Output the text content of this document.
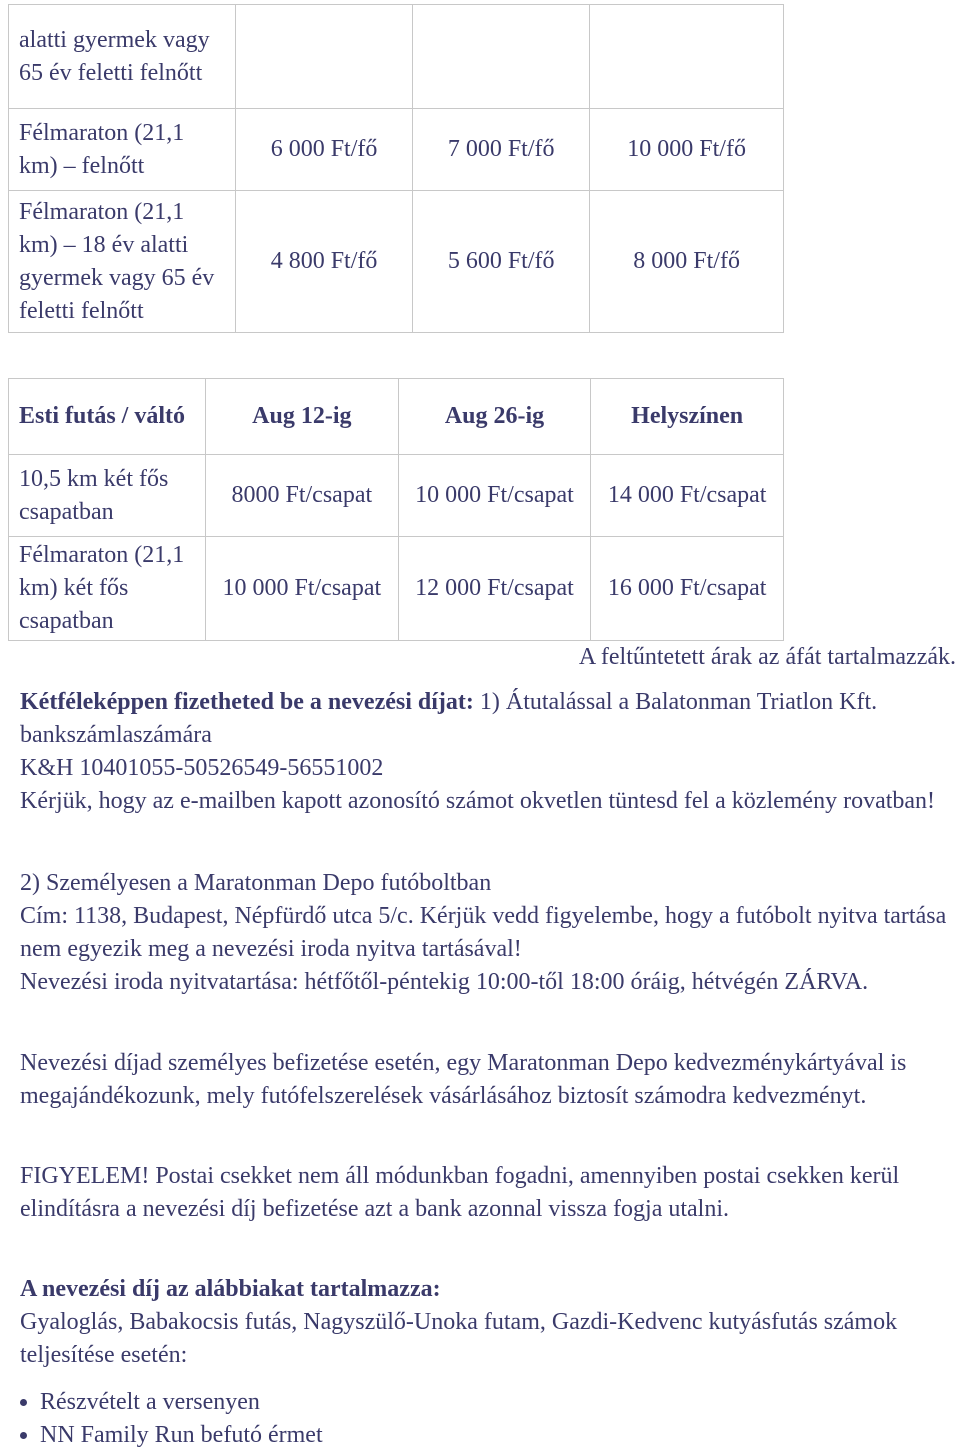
alatti gyermek vagy 65 év feletti felnőtt			
Félmaraton (21,1 km) – felnőtt	6 000 Ft/fő	7 000 Ft/fő	10 000 Ft/fő
Félmaraton (21,1 km) – 18 év alatti gyermek vagy 65 év feletti felnőtt	4 800 Ft/fő	5 600 Ft/fő	8 000 Ft/fő
Esti futás / váltó	Aug 12-ig	Aug 26-ig	Helyszínen
10,5 km két fős csapatban	8000 Ft/csapat	10 000 Ft/csapat	14 000 Ft/csapat
Félmaraton (21,1 km) két fős csapatban	10 000 Ft/csapat	12 000 Ft/csapat	16 000 Ft/csapat

A feltűntetett árak az áfát tartalmazzák.

Kétféleképpen fizetheted be a nevezési díjat: 1) Átutalással a Balatonman Triatlon Kft. bankszámlaszámára
K&H 10401055-50526549-56551002
Kérjük, hogy az e-mailben kapott azonosító számot okvetlen tüntesd fel a közlemény rovatban!

2) Személyesen a Maratonman Depo futóboltban
Cím: 1138, Budapest, Népfürdő utca 5/c. Kérjük vedd figyelembe, hogy a futóbolt nyitva tartása nem egyezik meg a nevezési iroda nyitva tartásával!
Nevezési iroda nyitvatartása: hétfőtől-péntekig 10:00-től 18:00 óráig, hétvégén ZÁRVA.

Nevezési díjad személyes befizetése esetén, egy Maratonman Depo kedvezménykártyával is megajándékozunk, mely futófelszerelések vásárlásához biztosít számodra kedvezményt.

FIGYELEM! Postai csekket nem áll módunkban fogadni, amennyiben postai csekken kerül elindításra a nevezési díj befizetése azt a bank azonnal vissza fogja utalni.

A nevezési díj az alábbiakat tartalmazza:
Gyaloglás, Babakocsis futás, Nagyszülő-Unoka futam, Gazdi-Kedvenc kutyásfutás számok teljesítése esetén:

• Részvételt a versenyen
• NN Family Run befutó érmet
